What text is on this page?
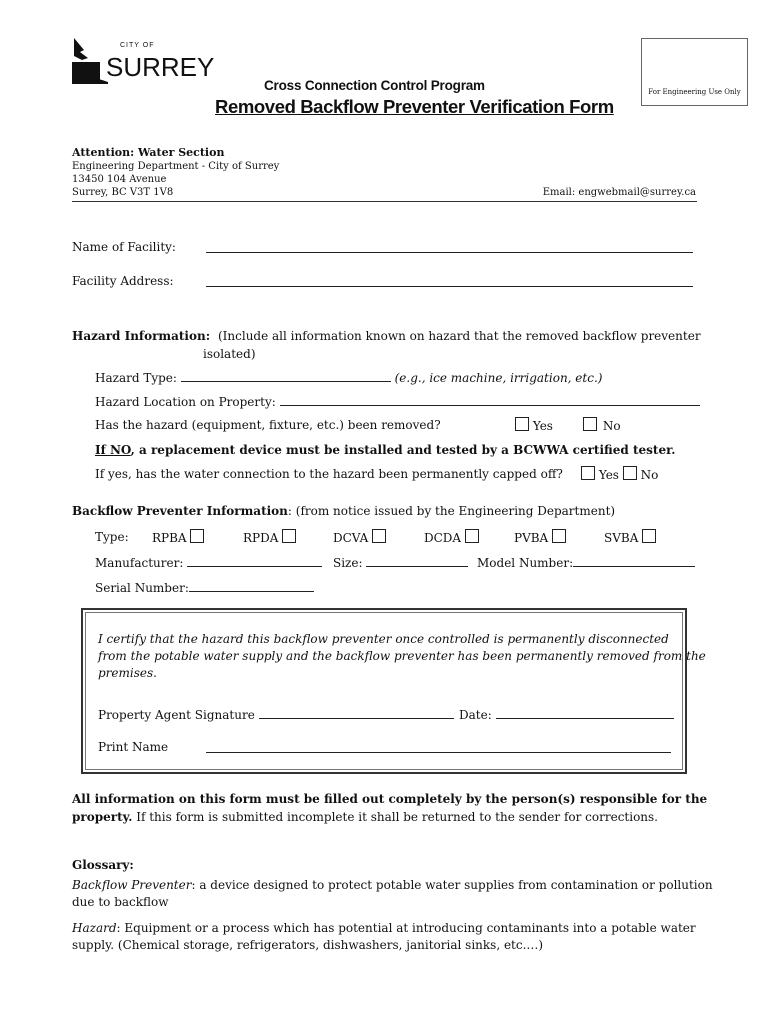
CITY OF
SURREY
For Engineering Use Only
Cross Connection Control Program
Removed Backflow Preventer Verification Form
Attention: Water Section
Engineering Department - City of Surrey
13450 104 Avenue
Surrey, BC V3T 1V8	Email: engwebmail@surrey.ca
Name of Facility:
Facility Address:
Hazard Information: (Include all information known on hazard that the removed backflow preventer
isolated)
Hazard Type:	(e.g., ice machine, irrigation, etc.)
Hazard Location on Property:
Has the hazard (equipment, fixture, etc.) been removed?	Yes	No
If NO, a replacement device must be installed and tested by a BCWWA certified tester.
If yes, has the water connection to the hazard been permanently capped off?	Yes No
Backflow Preventer Information: (from notice issued by the Engineering Department)
Type: RPBA	RPDA	DCVA	DCDA	PVBA	SVBA
Manufacturer:	Size:	Model Number:
Serial Number:
I certify that the hazard this backflow preventer once controlled is permanently disconnected
from the potable water supply and the backflow preventer has been permanently removed from the
premises.
Property Agent Signature	Date:
Print Name
All information on this form must be filled out completely by the person(s) responsible for the
property. If this form is submitted incomplete it shall be returned to the sender for corrections.
Glossary:
Backflow Preventer: a device designed to protect potable water supplies from contamination or pollution
due to backflow
Hazard: Equipment or a process which has potential at introducing contaminants into a potable water
supply. (Chemical storage, refrigerators, dishwashers, janitorial sinks, etc.…)
